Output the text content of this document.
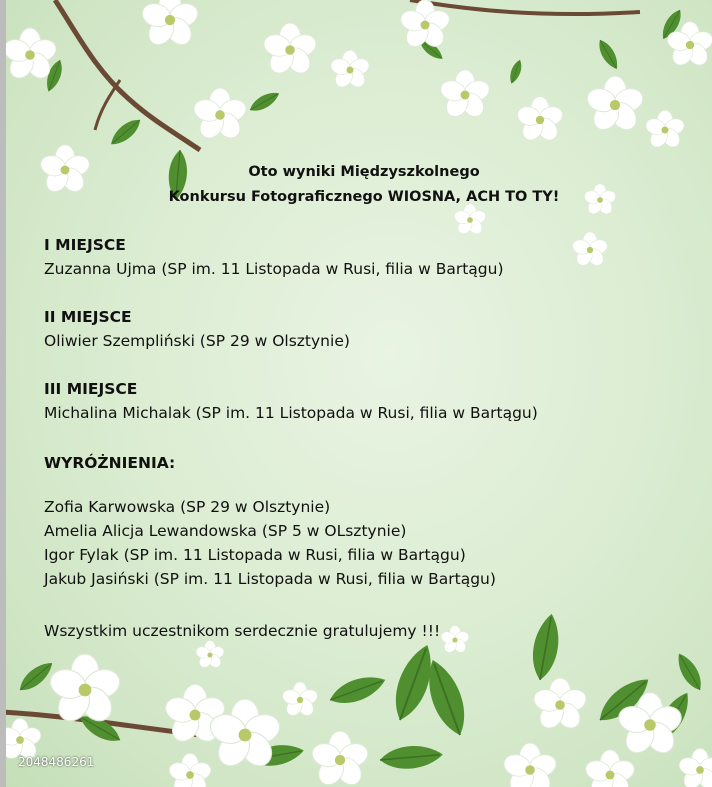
Oto wyniki Międzyszkolnego
Konkursu Fotograficznego WIOSNA, ACH TO TY!
I MIEJSCE
Zuzanna Ujma (SP im. 11 Listopada w Rusi, filia w Bartągu)
II MIEJSCE
Oliwier Szempliński (SP 29 w Olsztynie)
III MIEJSCE
Michalina Michalak (SP im. 11 Listopada w Rusi, filia w Bartągu)
WYRÓŻNIENIA:
Zofia Karwowska (SP 29 w Olsztynie)
Amelia Alicja Lewandowska (SP 5 w OLsztynie)
Igor Fylak (SP im. 11 Listopada w Rusi, filia w Bartągu)
Jakub Jasiński (SP im. 11 Listopada w Rusi, filia w Bartągu)
Wszystkim uczestnikom serdecznie gratulujemy !!!
2048486261
